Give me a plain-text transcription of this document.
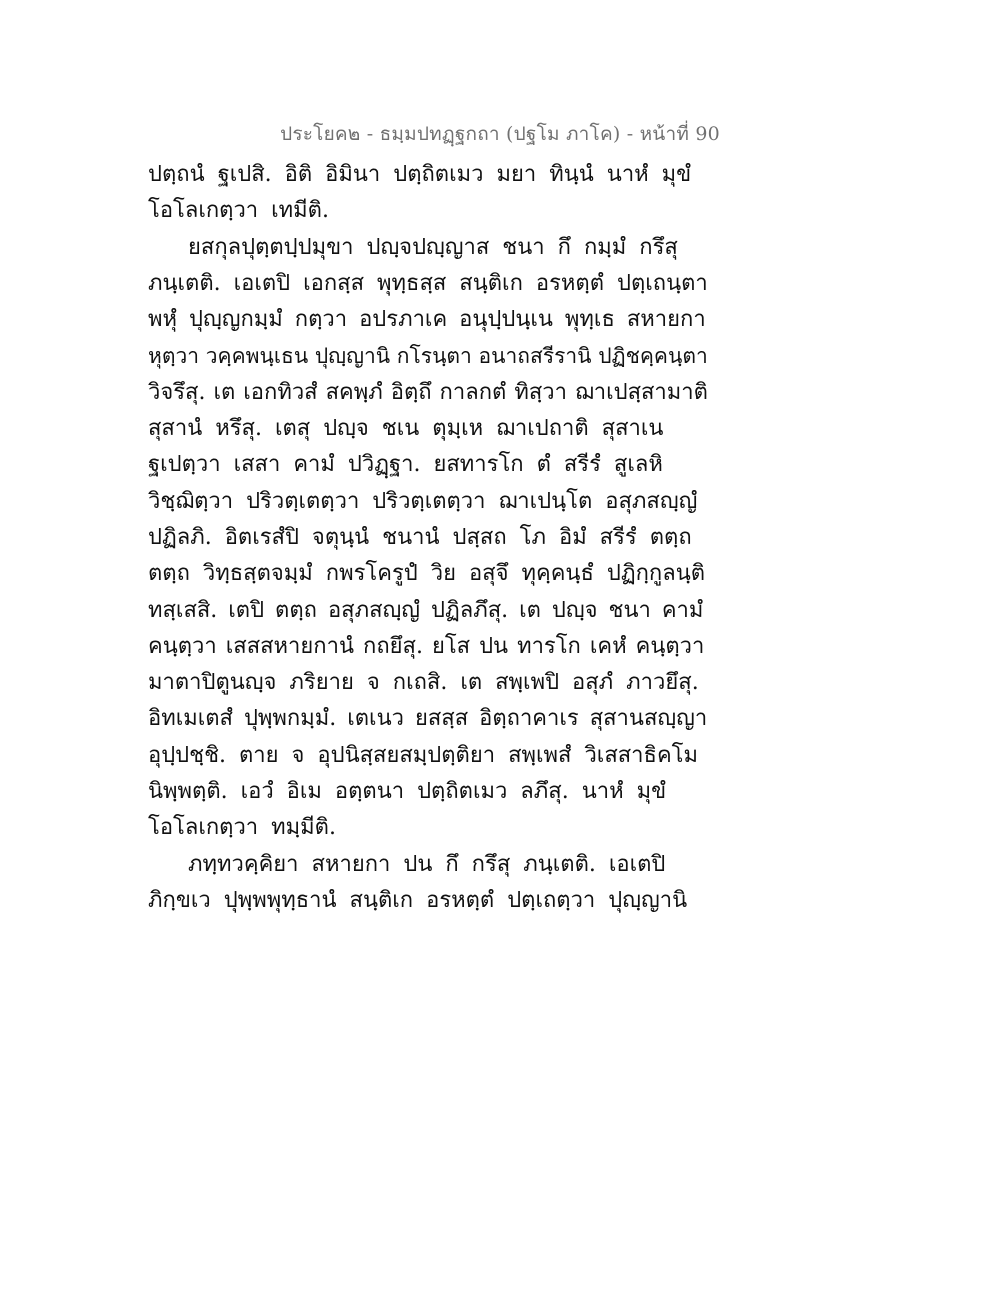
ประโยค๒ - ธมฺมปทฏฺฐกถา (ปฐโม ภาโค) - หน้าที่ 90
ปตฺถนํ ฐเปสิ. อิติ อิมินา ปตฺถิตเมว มยา ทินฺนํ นาหํ มุขํ
โอโลเกตฺวา เทมีติ.
ยสกุลปุตฺตปฺปมุขา ปญฺจปญฺญาส ชนา กึ กมฺมํ กรึสุ
ภนฺเตติ. เอเตปิ เอกสฺส พุทฺธสฺส สนฺติเก อรหตฺตํ ปตฺเถนฺตา
พหุํ ปุญฺญกมฺมํ กตฺวา อปรภาเค อนุปฺปนฺเน พุทฺเธ สหายกา
หุตฺวา วคฺคพนฺเธน ปุญฺญานิ กโรนฺตา อนาถสรีรานิ ปฏิชคฺคนฺตา
วิจรึสุ. เต เอกทิวสํ สคพฺภํ อิตฺถึ กาลกตํ ทิสฺวา ฌาเปสฺสามาติ
สุสานํ หรึสุ. เตสุ ปญฺจ ชเน ตุมฺเห ฌาเปถาติ สุสาเน
ฐเปตฺวา เสสา คามํ ปวิฏฺฐา. ยสทารโก ตํ สรีรํ สูเลหิ
วิชฺฌิตฺวา ปริวตฺเตตฺวา ปริวตฺเตตฺวา ฌาเปนฺโต อสุภสญฺญํ
ปฏิลภิ. อิตเรสํปิ จตุนฺนํ ชนานํ ปสฺสถ โภ อิมํ สรีรํ ตตฺถ
ตตฺถ วิทฺธสฺตจมฺมํ กพรโครูปํ วิย อสุจึ ทุคฺคนฺธํ ปฏิกฺกูลนฺติ
ทสฺเสสิ. เตปิ ตตฺถ อสุภสญฺญํ ปฏิลภึสุ. เต ปญฺจ ชนา คามํ
คนฺตฺวา เสสสหายกานํ กถยึสุ. ยโส ปน ทารโก เคหํ คนฺตฺวา
มาตาปิตูนญฺจ ภริยาย จ กเถสิ. เต สพฺเพปิ อสุภํ ภาวยึสุ.
อิทเมเตสํ ปุพฺพกมฺมํ. เตเนว ยสสฺส อิตฺถาคาเร สุสานสญฺญา
อุปฺปชฺชิ. ตาย จ อุปนิสฺสยสมฺปตฺติยา สพฺเพสํ วิเสสาธิคโม
นิพฺพตฺติ. เอวํ อิเม อตฺตนา ปตฺถิตเมว ลภึสุ. นาหํ มุขํ
โอโลเกตฺวา ทมฺมีติ.
ภทฺทวคฺคิยา สหายกา ปน กึ กรึสุ ภนฺเตติ. เอเตปิ
ภิกฺขเว ปุพฺพพุทฺธานํ สนฺติเก อรหตฺตํ ปตฺเถตฺวา ปุญฺญานิ
